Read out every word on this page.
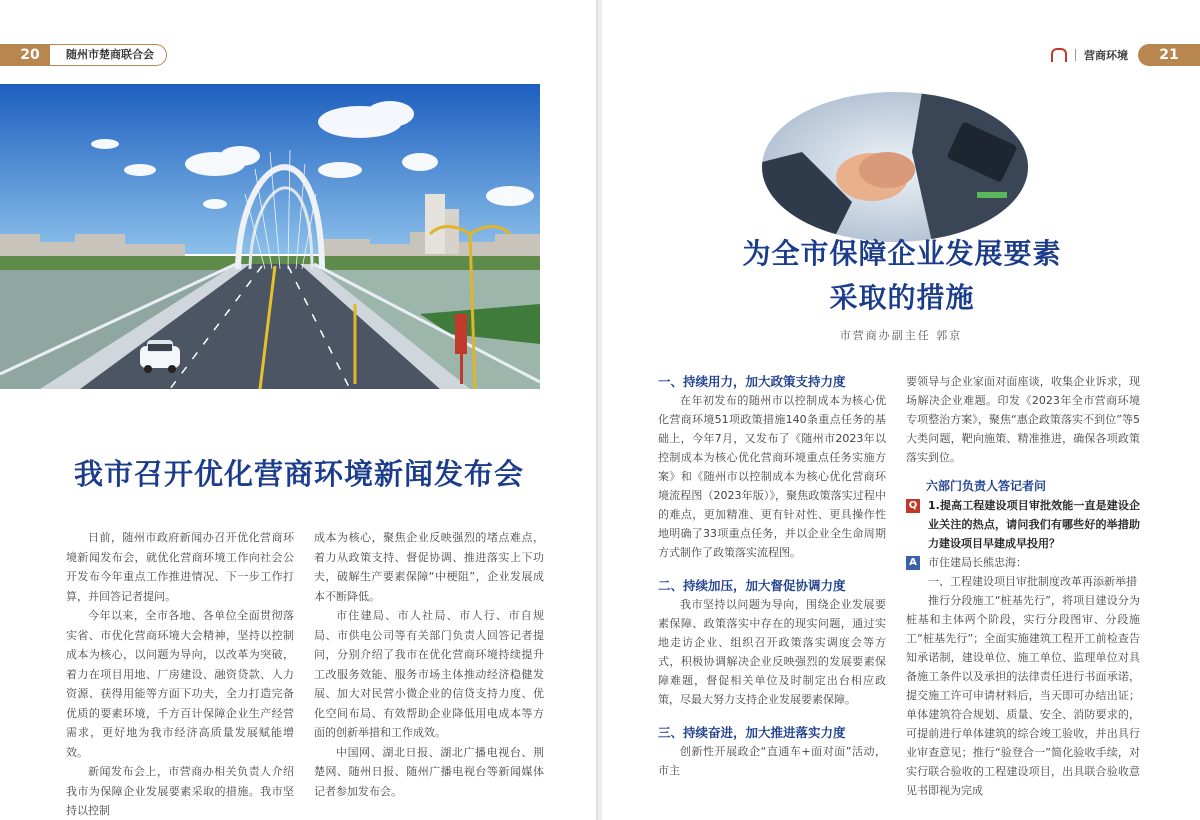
20	随州市楚商联合会
我市召开优化营商环境新闻发布会

日前，随州市政府新闻办召开优化营商环境新闻发布会，就优化营商环境工作向社会公开发布今年重点工作推进情况、下一步工作打算，并回答记者提问。

今年以来，全市各地、各单位全面贯彻落实省、市优化营商环境大会精神，坚持以控制成本为核心，以问题为导向，以改革为突破，着力在项目用地、厂房建设、融资贷款、人力资源、获得用能等方面下功夫，全力打造完备优质的要素环境，千方百计保障企业生产经营需求，更好地为我市经济高质量发展赋能增效。

新闻发布会上，市营商办相关负责人介绍我市为保障企业发展要素采取的措施。我市坚持以控制

成本为核心，聚焦企业反映强烈的堵点难点，着力从政策支持、督促协调、推进落实上下功夫，破解生产要素保障“中梗阻”，企业发展成本不断降低。

市住建局、市人社局、市人行、市自规局、市供电公司等有关部门负责人回答记者提问，分别介绍了我市在优化营商环境持续提升工改服务效能、服务市场主体推动经济稳健发展、加大对民营小微企业的信贷支持力度、优化空间布局、有效帮助企业降低用电成本等方面的创新举措和工作成效。

中国网、湖北日报、湖北广播电视台、荆楚网、随州日报、随州广播电视台等新闻媒体记者参加发布会。

营商环境	21
为全市保障企业发展要素
采取的措施
市营商办副主任 郭京

一、持续用力，加大政策支持力度

在年初发布的随州市以控制成本为核心优化营商环境51项政策措施140条重点任务的基础上，今年7月，又发布了《随州市2023年以控制成本为核心优化营商环境重点任务实施方案》和《随州市以控制成本为核心优化营商环境流程图（2023年版）》，聚焦政策落实过程中的难点，更加精准、更有针对性、更具操作性地明确了33项重点任务，并以企业全生命周期方式制作了政策落实流程图。

二、持续加压，加大督促协调力度

我市坚持以问题为导向，围绕企业发展要素保障、政策落实中存在的现实问题，通过实地走访企业、组织召开政策落实调度会等方式，积极协调解决企业反映强烈的发展要素保障难题，督促相关单位及时制定出台相应政策，尽最大努力支持企业发展要素保障。

三、持续奋进，加大推进落实力度

创新性开展政企“直通车+面对面”活动，市主

要领导与企业家面对面座谈，收集企业诉求，现场解决企业难题。印发《2023年全市营商环境专项整治方案》，聚焦“惠企政策落实不到位”等5大类问题，靶向施策、精准推进，确保各项政策落实到位。

六部门负责人答记者问

Q 1.提高工程建设项目审批效能一直是建设企业关注的热点，请问我们有哪些好的举措助力建设项目早建成早投用？

A 市住建局长熊忠海：

一、工程建设项目审批制度改革再添新举措

推行分段施工“桩基先行”，将项目建设分为桩基和主体两个阶段，实行分段图审、分段施工“桩基先行”；全面实施建筑工程开工前检查告知承诺制，建设单位、施工单位、监理单位对具备施工条件以及承担的法律责任进行书面承诺，提交施工许可申请材料后，当天即可办结出证；单体建筑符合规划、质量、安全、消防要求的，可提前进行单体建筑的综合竣工验收，并出具行业审查意见；推行“验登合一”简化验收手续，对实行联合验收的工程建设项目，出具联合验收意见书即视为完成
